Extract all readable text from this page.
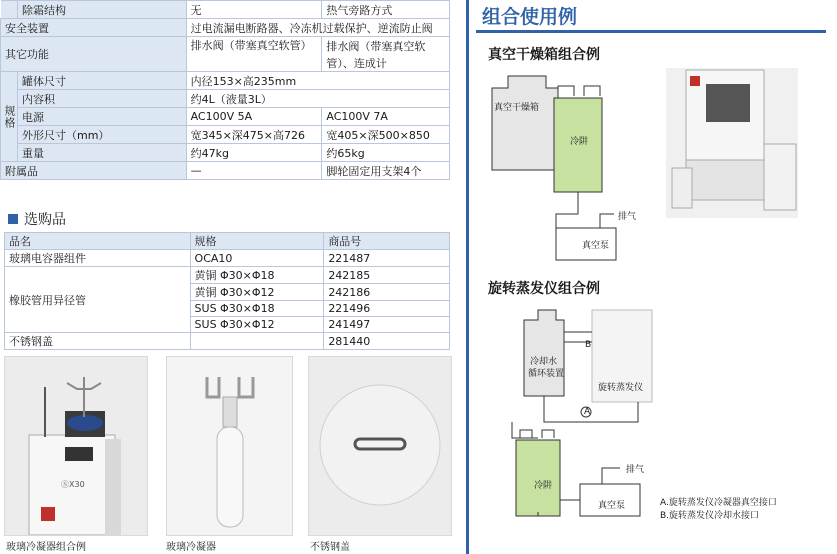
	除霜结构	无	热气旁路方式
安全装置		过电流漏电断路器、冷冻机过载保护、逆流防止阀	
其它功能		排水阀（带塞真空软管）	排水阀（带塞真空软
			管）、连成计
规格	罐体尺寸	内径153×高235mm	
	内容积	约4L（液量3L）	
	电源	AC100V 5A	AC100V 7A
	外形尺寸（mm）	宽345×深475×高726	宽405×深500×850
	重量	约47kg	约65kg
附属品		—	脚轮固定用支架4个
选购品
品名	规格	商品号
玻璃电容器组件	OCA10	221487
橡胶管用异径管	黄铜 Φ30×Φ18	242185
	黄铜 Φ30×Φ12	242186
	SUS Φ30×Φ18	221496
	SUS Φ30×Φ12	241497
不锈钢盖		281440
ⓈX30
玻璃冷凝器组合例	玻璃冷凝器	不锈钢盖
组合使用例
真空干燥箱组合例
真空干燥箱
冷阱
排气
真空泵
旋转蒸发仪组合例
冷却水
循环装置
旋转蒸发仪
B
A
冷阱
排气
真空泵	A.旋转蒸发仪冷凝器真空接口
B.旋转蒸发仪冷却水接口
